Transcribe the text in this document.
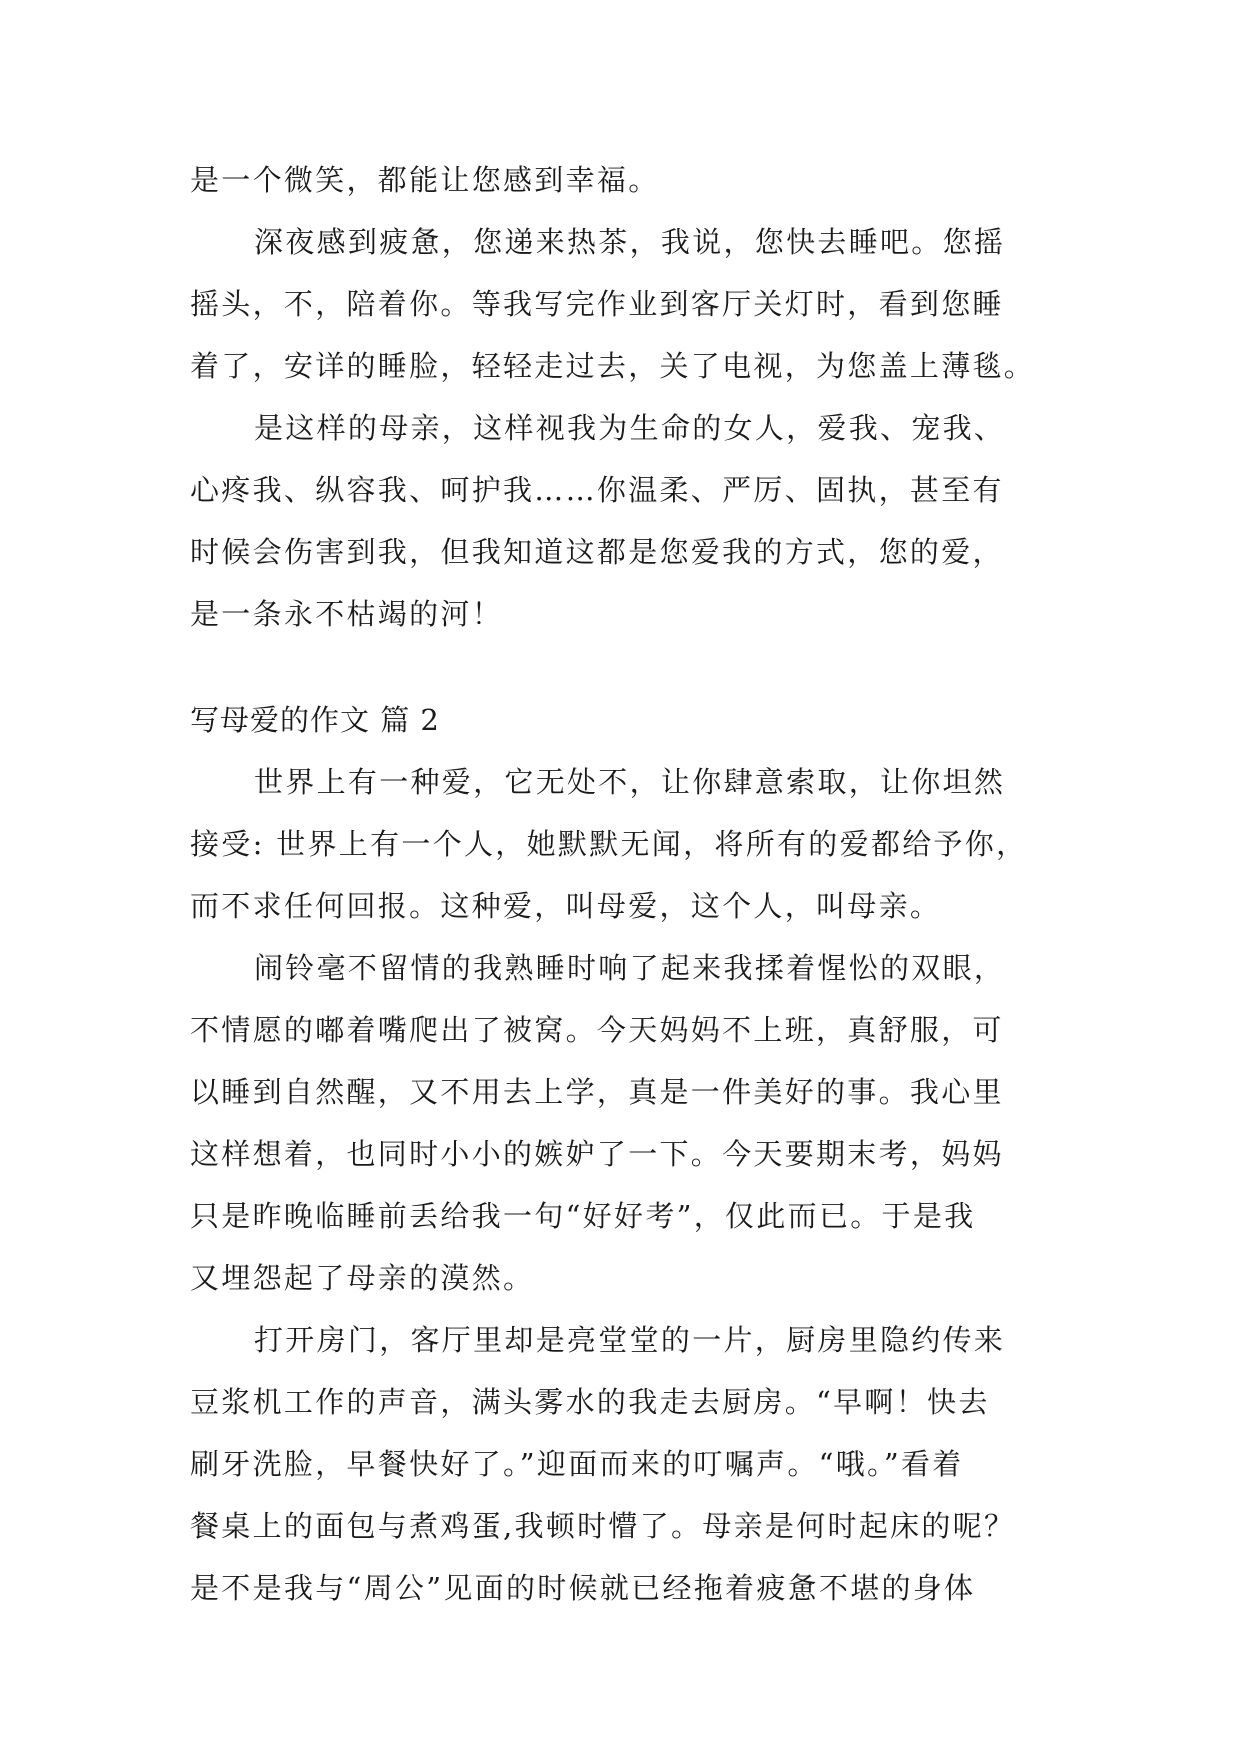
是一个微笑，都能让您感到幸福。
深夜感到疲惫，您递来热茶，我说，您快去睡吧。您摇
摇头，不，陪着你。等我写完作业到客厅关灯时，看到您睡
着了，安详的睡脸，轻轻走过去，关了电视，为您盖上薄毯。
是这样的母亲，这样视我为生命的女人，爱我、宠我、
心疼我、纵容我、呵护我……你温柔、严厉、固执，甚至有
时候会伤害到我，但我知道这都是您爱我的方式，您的爱，
是一条永不枯竭的河！
写母爱的作文 篇 2
世界上有一种爱，它无处不，让你肆意索取，让你坦然
接受: 世界上有一个人，她默默无闻，将所有的爱都给予你，
而不求任何回报。这种爱，叫母爱，这个人，叫母亲。
闹铃毫不留情的我熟睡时响了起来我揉着惺忪的双眼，
不情愿的嘟着嘴爬出了被窝。今天妈妈不上班，真舒服，可
以睡到自然醒，又不用去上学，真是一件美好的事。我心里
这样想着，也同时小小的嫉妒了一下。今天要期末考，妈妈
只是昨晚临睡前丢给我一句“好好考”，仅此而已。于是我
又埋怨起了母亲的漠然。
打开房门，客厅里却是亮堂堂的一片，厨房里隐约传来
豆浆机工作的声音，满头雾水的我走去厨房。“早啊！快去
刷牙洗脸，早餐快好了。”迎面而来的叮嘱声。“哦。”看着
餐桌上的面包与煮鸡蛋,我顿时懵了。母亲是何时起床的呢？
是不是我与“周公”见面的时候就已经拖着疲惫不堪的身体
